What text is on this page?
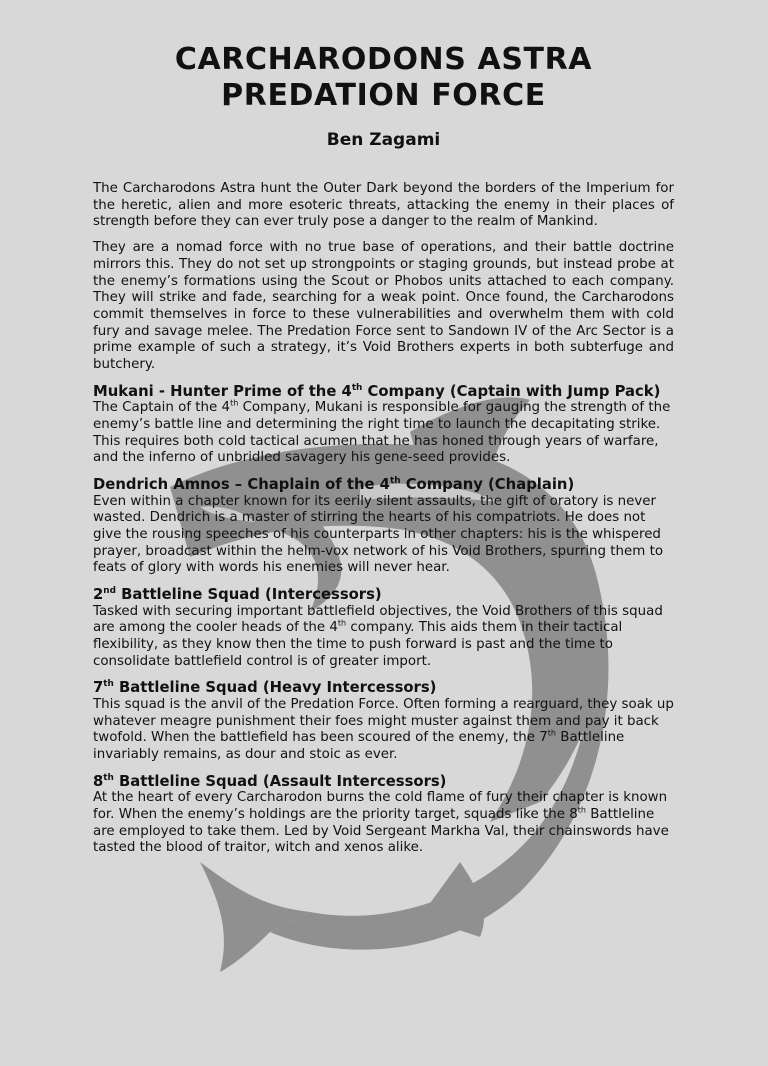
CARCHARODONS ASTRA
PREDATION FORCE
Ben Zagami

The Carcharodons Astra hunt the Outer Dark beyond the borders of the Imperium for the heretic, alien and more esoteric threats, attacking the enemy in their places of strength before they can ever truly pose a danger to the realm of Mankind.

They are a nomad force with no true base of operations, and their battle doctrine mirrors this. They do not set up strongpoints or staging grounds, but instead probe at the enemy’s formations using the Scout or Phobos units attached to each company. They will strike and fade, searching for a weak point. Once found, the Carcharodons commit themselves in force to these vulnerabilities and overwhelm them with cold fury and savage melee. The Predation Force sent to Sandown IV of the Arc Sector is a prime example of such a strategy, it’s Void Brothers experts in both subterfuge and butchery.

Mukani - Hunter Prime of the 4th Company (Captain with Jump Pack)

The Captain of the 4th Company, Mukani is responsible for gauging the strength of the enemy’s battle line and determining the right time to launch the decapitating strike. This requires both cold tactical acumen that he has honed through years of warfare, and the inferno of unbridled savagery his gene-seed provides.

Dendrich Amnos – Chaplain of the 4th Company (Chaplain)

Even within a chapter known for its eerily silent assaults, the gift of oratory is never wasted. Dendrich is a master of stirring the hearts of his compatriots. He does not give the rousing speeches of his counterparts in other chapters: his is the whispered prayer, broadcast within the helm-vox network of his Void Brothers, spurring them to feats of glory with words his enemies will never hear.

2nd Battleline Squad (Intercessors)

Tasked with securing important battlefield objectives, the Void Brothers of this squad are among the cooler heads of the 4th company. This aids them in their tactical flexibility, as they know then the time to push forward is past and the time to consolidate battlefield control is of greater import.

7th Battleline Squad (Heavy Intercessors)

This squad is the anvil of the Predation Force. Often forming a rearguard, they soak up whatever meagre punishment their foes might muster against them and pay it back twofold. When the battlefield has been scoured of the enemy, the 7th Battleline invariably remains, as dour and stoic as ever.

8th Battleline Squad (Assault Intercessors)

At the heart of every Carcharodon burns the cold flame of fury their chapter is known for. When the enemy’s holdings are the priority target, squads like the 8th Battleline are employed to take them. Led by Void Sergeant Markha Val, their chainswords have tasted the blood of traitor, witch and xenos alike.
